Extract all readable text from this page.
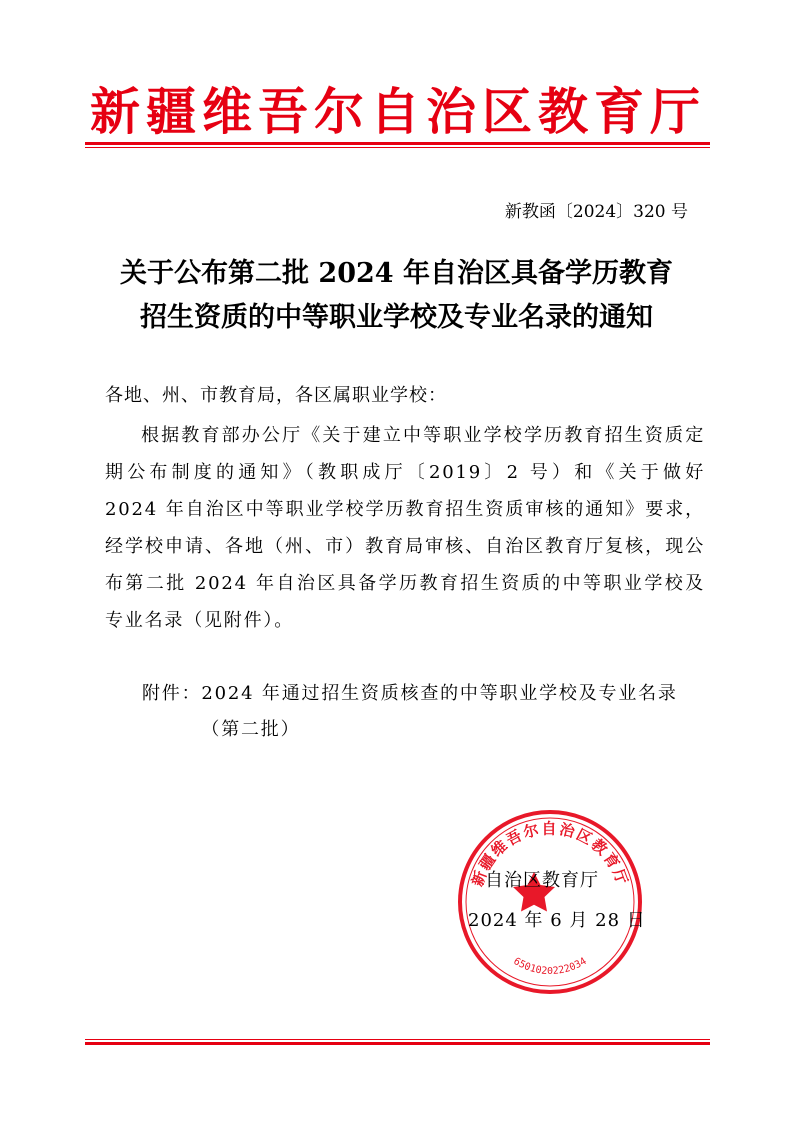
新疆维吾尔自治区教育厅
新教函〔2024〕320 号
关于公布第二批 2024 年自治区具备学历教育
招生资质的中等职业学校及专业名录的通知
各地、州、市教育局，各区属职业学校：
根据教育部办公厅《关于建立中等职业学校学历教育招生资质定期公布制度的通知》（教职成厅〔2019〕2 号）和《关于做好 2024 年自治区中等职业学校学历教育招生资质审核的通知》要求，经学校申请、各地（州、市）教育局审核、自治区教育厅复核，现公布第二批 2024 年自治区具备学历教育招生资质的中等职业学校及专业名录（见附件）。
附件： 2024 年通过招生资质核查的中等职业学校及专业名录（第二批）
新疆维吾尔自治区教育厅
6501020222034
自治区教育厅
2024 年 6 月 28 日
